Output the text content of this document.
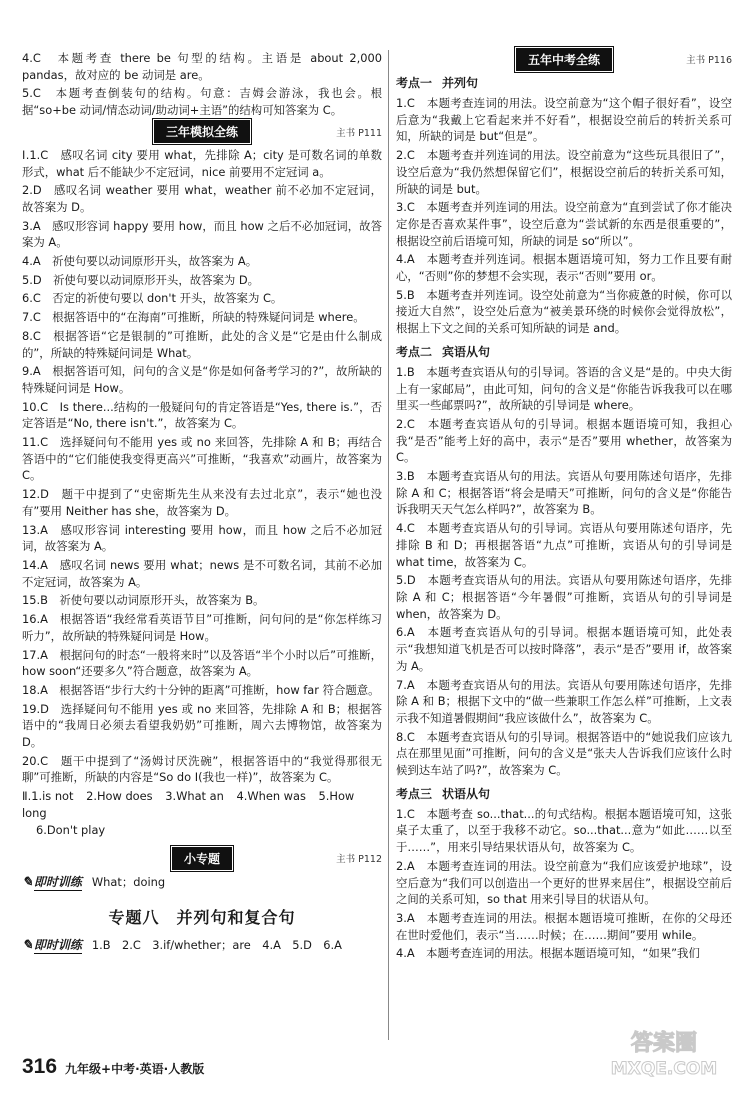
4.C　本题考查 there be 句型的结构。主语是 about 2,000 pandas，故对应的 be 动词是 are。
5.C　本题考查倒装句的结构。句意：吉姆会游泳，我也会。根据“so+be 动词/情态动词/助动词+主语”的结构可知答案为 C。
三年模拟全练	主书 P111
Ⅰ.1.C　感叹名词 city 要用 what，先排除 A；city 是可数名词的单数形式，what 后不能缺少不定冠词，nice 前要用不定冠词 a。
2.D　感叹名词 weather 要用 what，weather 前不必加不定冠词，故答案为 D。
3.A　感叹形容词 happy 要用 how，而且 how 之后不必加冠词，故答案为 A。
4.A　祈使句要以动词原形开头，故答案为 A。
5.D　祈使句要以动词原形开头，故答案为 D。
6.C　否定的祈使句要以 don't 开头，故答案为 C。
7.C　根据答语中的“在海南”可推断，所缺的特殊疑问词是 where。
8.C　根据答语“它是银制的”可推断，此处的含义是“它是由什么制成的”，所缺的特殊疑问词是 What。
9.A　根据答语可知，问句的含义是“你是如何备考学习的?”，故所缺的特殊疑问词是 How。
10.C　Is there...结构的一般疑问句的肯定答语是“Yes, there is.”，否定答语是“No, there isn't.”，故答案为 C。
11.C　选择疑问句不能用 yes 或 no 来回答，先排除 A 和 B；再结合答语中的“它们能使我变得更高兴”可推断，“我喜欢”动画片，故答案为 C。
12.D　题干中提到了“史密斯先生从来没有去过北京”，表示“她也没有”要用 Neither has she，故答案为 D。
13.A　感叹形容词 interesting 要用 how，而且 how 之后不必加冠词，故答案为 A。
14.A　感叹名词 news 要用 what；news 是不可数名词，其前不必加不定冠词，故答案为 A。
15.B　祈使句要以动词原形开头，故答案为 B。
16.A　根据答语“我经常看英语节目”可推断，问句问的是“你怎样练习听力”，故所缺的特殊疑问词是 How。
17.A　根据问句的时态“一般将来时”以及答语“半个小时以后”可推断，how soon“还要多久”符合题意，故答案为 A。
18.A　根据答语“步行大约十分钟的距离”可推断，how far 符合题意。
19.D　选择疑问句不能用 yes 或 no 来回答，先排除 A 和 B；根据答语中的“我周日必须去看望我奶奶”可推断，周六去博物馆，故答案为 D。
20.C　题干中提到了“汤姆讨厌洗碗”，根据答语中的“我觉得那很无聊”可推断，所缺的内容是“So do I(我也一样)”，故答案为 C。
Ⅱ.1.is not 2.How does 3.What an 4.When was 5.How long
6.Don't play
小专题	主书 P112
✎ 即时训练 What；doing
专题八　并列句和复合句
✎ 即时训练 1.B　2.C　3.if/whether；are　4.A　5.D　6.A
五年中考全练	主书 P116
考点一 并列句
1.C　本题考查连词的用法。设空前意为“这个帽子很好看”，设空后意为“我戴上它看起来并不好看”，根据设空前后的转折关系可知，所缺的词是 but“但是”。
2.C　本题考查并列连词的用法。设空前意为“这些玩具很旧了”，设空后意为“我仍然想保留它们”，根据设空前后的转折关系可知，所缺的词是 but。
3.C　本题考查并列连词的用法。设空前意为“直到尝试了你才能决定你是否喜欢某件事”，设空后意为“尝试新的东西是很重要的”，根据设空前后语境可知，所缺的词是 so“所以”。
4.A　本题考查并列连词。根据本题语境可知，努力工作且要有耐心，“否则”你的梦想不会实现，表示“否则”要用 or。
5.B　本题考查并列连词。设空处前意为“当你疲惫的时候，你可以接近大自然”，设空处后意为“被美景环绕的时候你会觉得放松”，根据上下文之间的关系可知所缺的词是 and。
考点二 宾语从句
1.B　本题考查宾语从句的引导词。答语的含义是“是的。中央大街上有一家邮局”，由此可知，问句的含义是“你能告诉我我可以在哪里买一些邮票吗?”，故所缺的引导词是 where。
2.C　本题考查宾语从句的引导词。根据本题语境可知，我担心我“是否”能考上好的高中，表示“是否”要用 whether，故答案为 C。
3.B　本题考查宾语从句的用法。宾语从句要用陈述句语序，先排除 A 和 C；根据答语“将会是晴天”可推断，问句的含义是“你能告诉我明天天气怎么样吗?”，故答案为 B。
4.C　本题考查宾语从句的引导词。宾语从句要用陈述句语序，先排除 B 和 D；再根据答语“九点”可推断，宾语从句的引导词是 what time，故答案为 C。
5.D　本题考查宾语从句的用法。宾语从句要用陈述句语序，先排除 A 和 C；根据答语“今年暑假”可推断，宾语从句的引导词是 when，故答案为 D。
6.A　本题考查宾语从句的引导词。根据本题语境可知，此处表示“我想知道飞机是否可以按时降落”，表示“是否”要用 if，故答案为 A。
7.A　本题考查宾语从句的用法。宾语从句要用陈述句语序，先排除 A 和 B；根据下文中的“做一些兼职工作怎么样”可推断，上文表示我不知道暑假期间“我应该做什么”，故答案为 C。
8.C　本题考查宾语从句的引导词。根据答语中的“她说我们应该九点在那里见面”可推断，问句的含义是“张夫人告诉我们应该什么时候到达车站了吗?”，故答案为 C。
考点三 状语从句
1.C　本题考查 so...that...的句式结构。根据本题语境可知，这张桌子太重了，以至于我移不动它。so...that...意为“如此……以至于……”，用来引导结果状语从句，故答案为 C。
2.A　本题考查连词的用法。设空前意为“我们应该爱护地球”，设空后意为“我们可以创造出一个更好的世界来居住”，根据设空前后之间的关系可知，so that 用来引导目的状语从句。
3.A　本题考查连词的用法。根据本题语境可推断，在你的父母还在世时爱他们，表示“当……时候；在……期间”要用 while。
4.A　本题考查连词的用法。根据本题语境可知，“如果”我们
316 九年级+中考·英语·人教版
答案圈
MXQE.COM
